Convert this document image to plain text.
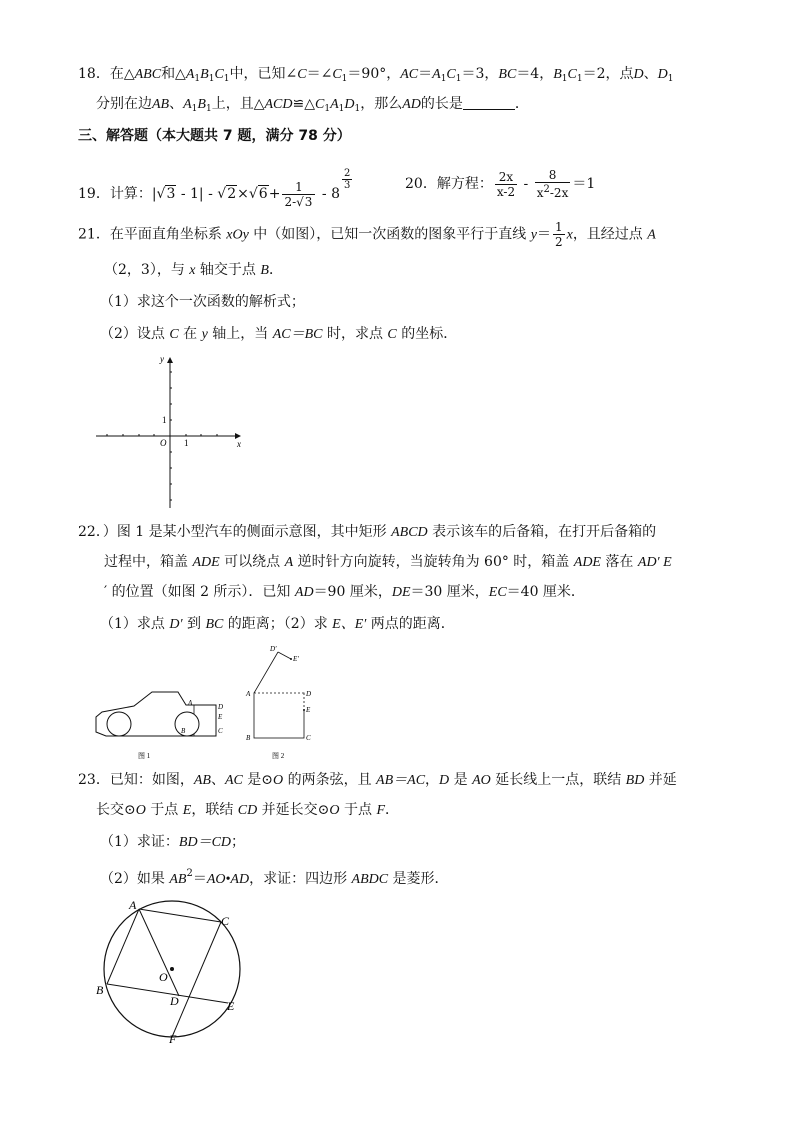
18．在△ABC和$\triangle A_1B_1C_1$中，已知$\angle C=\angle C_1=90^\circ$，$AC=A_1C_1=3$，BC＝4，$B_1C_1=2$，点D、$D_1$
分别在边AB、$A_1B_1$上，且$\triangle ACD≌\triangle C_1A_1D_1$，那么AD的长是	．
三、解答题（本大题共 7 题，满分 78 分）
19．计算：$|√3 - 1| - √2\times√6+ \frac{1}{2-√3} - 8$
$\frac{2}{3}$	20．解方程： $\frac{2x}{x-2} - \frac{8}{x^2-2x} =1$
21．在平面直角坐标系 xOy 中（如图），已知一次函数的图象平行于直线 $y= \frac{1}{2}$ x，且经过点 A
（2，3），与 x 轴交于点 B．
（1）求这个一次函数的解析式；
（2）设点 C 在 y 轴上，当 AC＝BC 时，求点 C 的坐标．
y
x
O 1
1
22．）图 1 是某小型汽车的侧面示意图，其中矩形 ABCD 表示该车的后备箱，在打开后备箱的
过程中，箱盖 ADE 可以绕点 A 逆时针方向旋转，当旋转角为 60° 时，箱盖 ADE 落在 AD′ E
′ 的位置（如图 2 所示）．已知 AD＝90 厘米，DE＝30 厘米，EC＝40 厘米．
（1）求点 D′ 到 BC 的距离；（2）求 E、E′ 两点的距离．
A
B	C
D
E
图 1
A
B	C
D
E
D′
E′
图 2
23．已知：如图，AB、AC 是⊙O 的两条弦，且 AB＝AC，D 是 AO 延长线上一点，联结 BD 并延
长交⊙O 于点 E，联结 CD 并延长交⊙O 于点 F．
（1）求证：BD＝CD；
（2）如果 $AB^2=AO•AD$，求证：四边形 ABDC 是菱形．
A
C
B
D	E
F
O
